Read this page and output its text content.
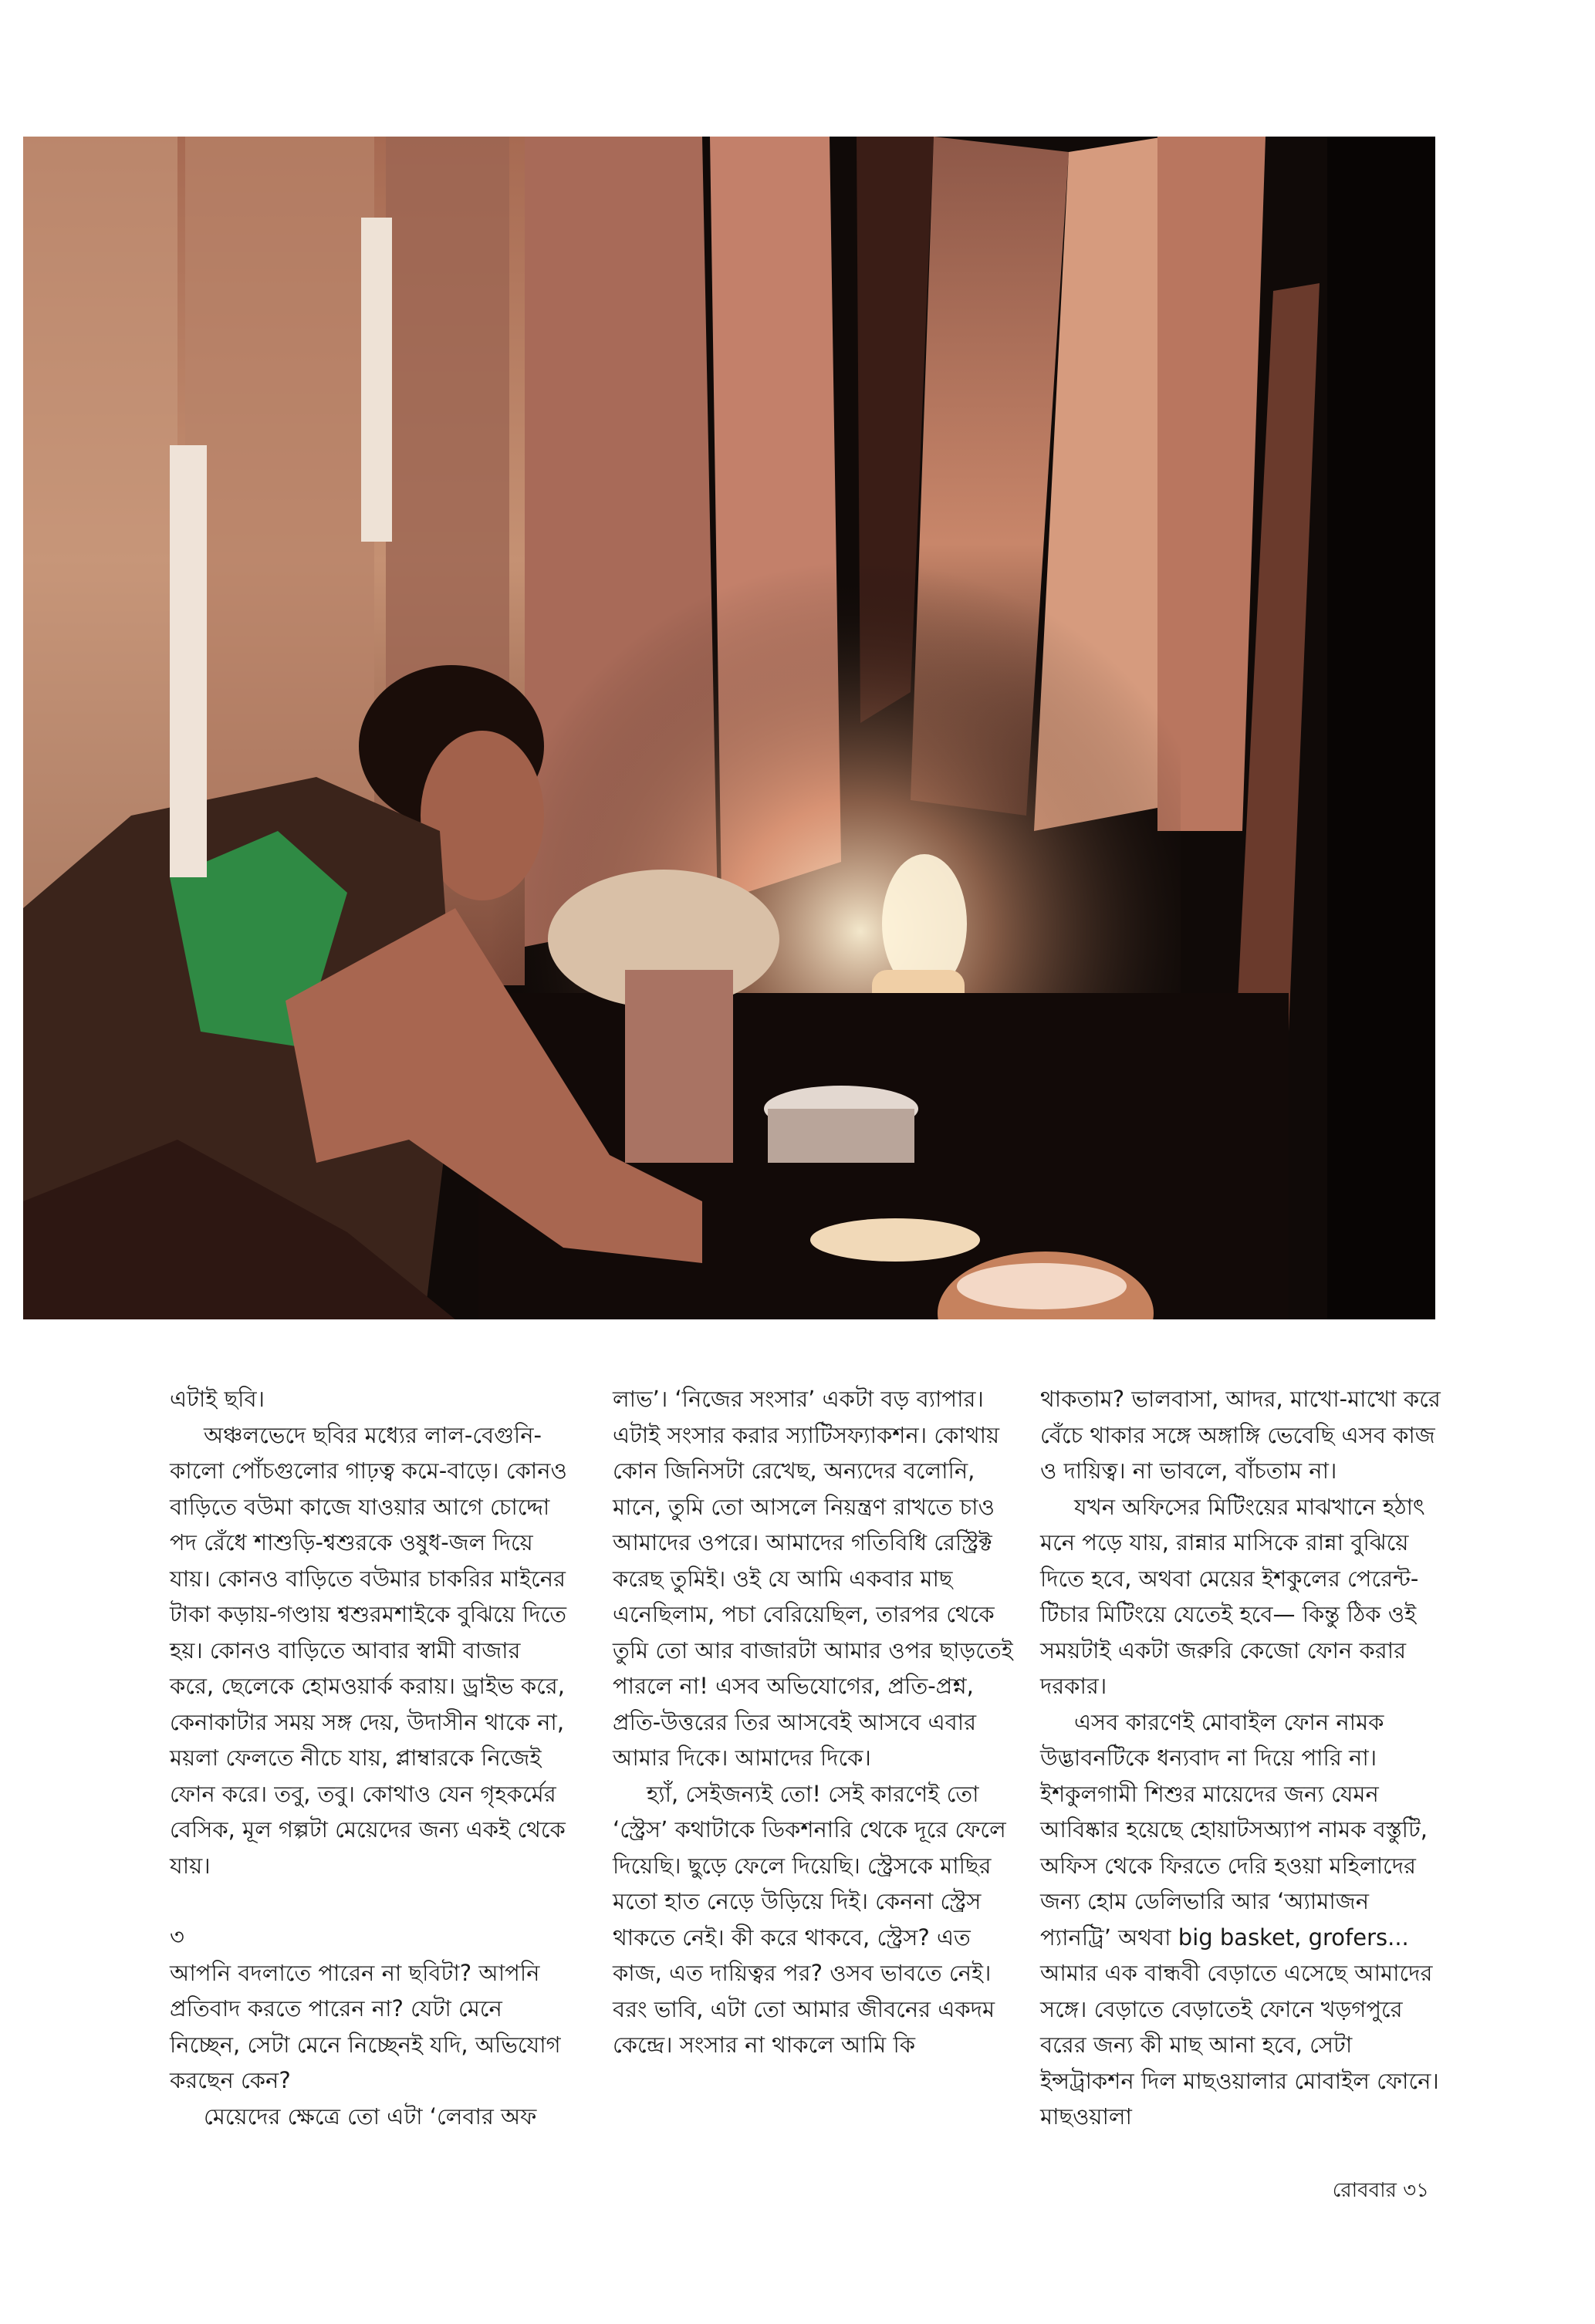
এটাই ছবি।

অঞ্চলভেদে ছবির মধ্যের লাল-বেগুনি-কালো পোঁচগুলোর গাঢ়ত্ব কমে-বাড়ে। কোনও বাড়িতে বউমা কাজে যাওয়ার আগে চোদ্দো পদ রেঁধে শাশুড়ি-শ্বশুরকে ওষুধ-জল দিয়ে যায়। কোনও বাড়িতে বউমার চাকরির মাইনের টাকা কড়ায়-গণ্ডায় শ্বশুরমশাইকে বুঝিয়ে দিতে হয়। কোনও বাড়িতে আবার স্বামী বাজার করে, ছেলেকে হোমওয়ার্ক করায়। ড্রাইভ করে, কেনাকাটার সময় সঙ্গ দেয়, উদাসীন থাকে না, ময়লা ফেলতে নীচে যায়, প্লাম্বারকে নিজেই ফোন করে। তবু, তবু। কোথাও যেন গৃহকর্মের বেসিক, মূল গল্পটা মেয়েদের জন্য একই থেকে যায়।

৩

আপনি বদলাতে পারেন না ছবিটা? আপনি প্রতিবাদ করতে পারেন না? যেটা মেনে নিচ্ছেন, সেটা মেনে নিচ্ছেনই যদি, অভিযোগ করছেন কেন?

মেয়েদের ক্ষেত্রে তো এটা ‘লেবার অফ

লাভ’। ‘নিজের সংসার’ একটা বড় ব্যাপার। এটাই সংসার করার স্যাটিসফ্যাকশন। কোথায় কোন জিনিসটা রেখেছ, অন্যদের বলোনি, মানে, তুমি তো আসলে নিয়ন্ত্রণ রাখতে চাও আমাদের ওপরে। আমাদের গতিবিধি রেস্ট্রিক্ট করেছ তুমিই। ওই যে আমি একবার মাছ এনেছিলাম, পচা বেরিয়েছিল, তারপর থেকে তুমি তো আর বাজারটা আমার ওপর ছাড়তেই পারলে না! এসব অভিযোগের, প্রতি-প্রশ্ন, প্রতি-উত্তরের তির আসবেই আসবে এবার আমার দিকে। আমাদের দিকে।

হ্যাঁ, সেইজন্যই তো! সেই কারণেই তো ‘স্ট্রেস’ কথাটাকে ডিকশনারি থেকে দূরে ফেলে দিয়েছি। ছুড়ে ফেলে দিয়েছি। স্ট্রেসকে মাছির মতো হাত নেড়ে উড়িয়ে দিই। কেননা স্ট্রেস থাকতে নেই। কী করে থাকবে, স্ট্রেস? এত কাজ, এত দায়িত্বর পর? ওসব ভাবতে নেই। বরং ভাবি, এটা তো আমার জীবনের একদম কেন্দ্রে। সংসার না থাকলে আমি কি

থাকতাম? ভালবাসা, আদর, মাখো-মাখো করে বেঁচে থাকার সঙ্গে অঙ্গাঙ্গি ভেবেছি এসব কাজ ও দায়িত্ব। না ভাবলে, বাঁচতাম না।

যখন অফিসের মিটিংয়ের মাঝখানে হঠাৎ মনে পড়ে যায়, রান্নার মাসিকে রান্না বুঝিয়ে দিতে হবে, অথবা মেয়ের ইশকুলের পেরেন্ট-টিচার মিটিংয়ে যেতেই হবে— কিন্তু ঠিক ওই সময়টাই একটা জরুরি কেজো ফোন করার দরকার।

এসব কারণেই মোবাইল ফোন নামক উদ্ভাবনটিকে ধন্যবাদ না দিয়ে পারি না। ইশকুলগামী শিশুর মায়েদের জন্য যেমন আবিষ্কার হয়েছে হোয়াটসঅ্যাপ নামক বস্তুটি, অফিস থেকে ফিরতে দেরি হওয়া মহিলাদের জন্য হোম ডেলিভারি আর ‘অ্যামাজন প্যানট্রি’ অথবা big basket, grofers... আমার এক বান্ধবী বেড়াতে এসেছে আমাদের সঙ্গে। বেড়াতে বেড়াতেই ফোনে খড়গপুরে বরের জন্য কী মাছ আনা হবে, সেটা ইন্সট্রাকশন দিল মাছওয়ালার মোবাইল ফোনে। মাছওয়ালা

রোববার ৩১
